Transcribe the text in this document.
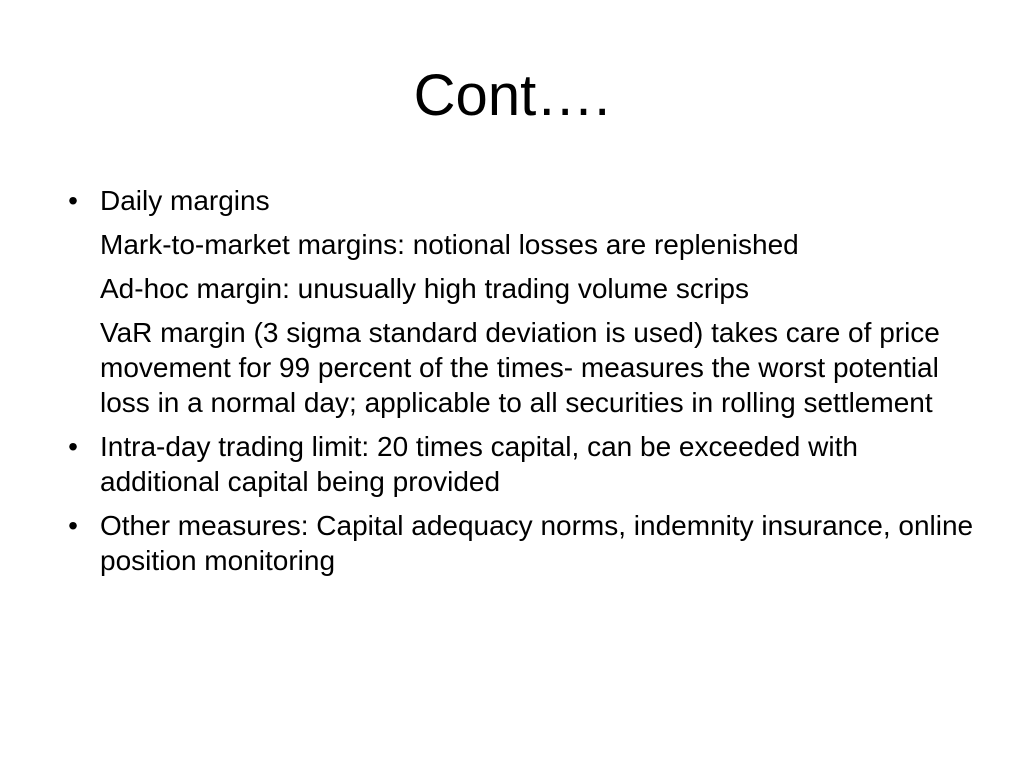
Cont….
• Daily margins
Mark-to-market margins: notional losses are replenished
Ad-hoc margin: unusually high trading volume scrips
VaR margin (3 sigma standard deviation is used) takes care of price movement for 99 percent of the times- measures the worst potential loss in a normal day; applicable to all securities in rolling settlement
• Intra-day trading limit: 20 times capital, can be exceeded with additional capital being provided
• Other measures: Capital adequacy norms, indemnity insurance, online position monitoring
